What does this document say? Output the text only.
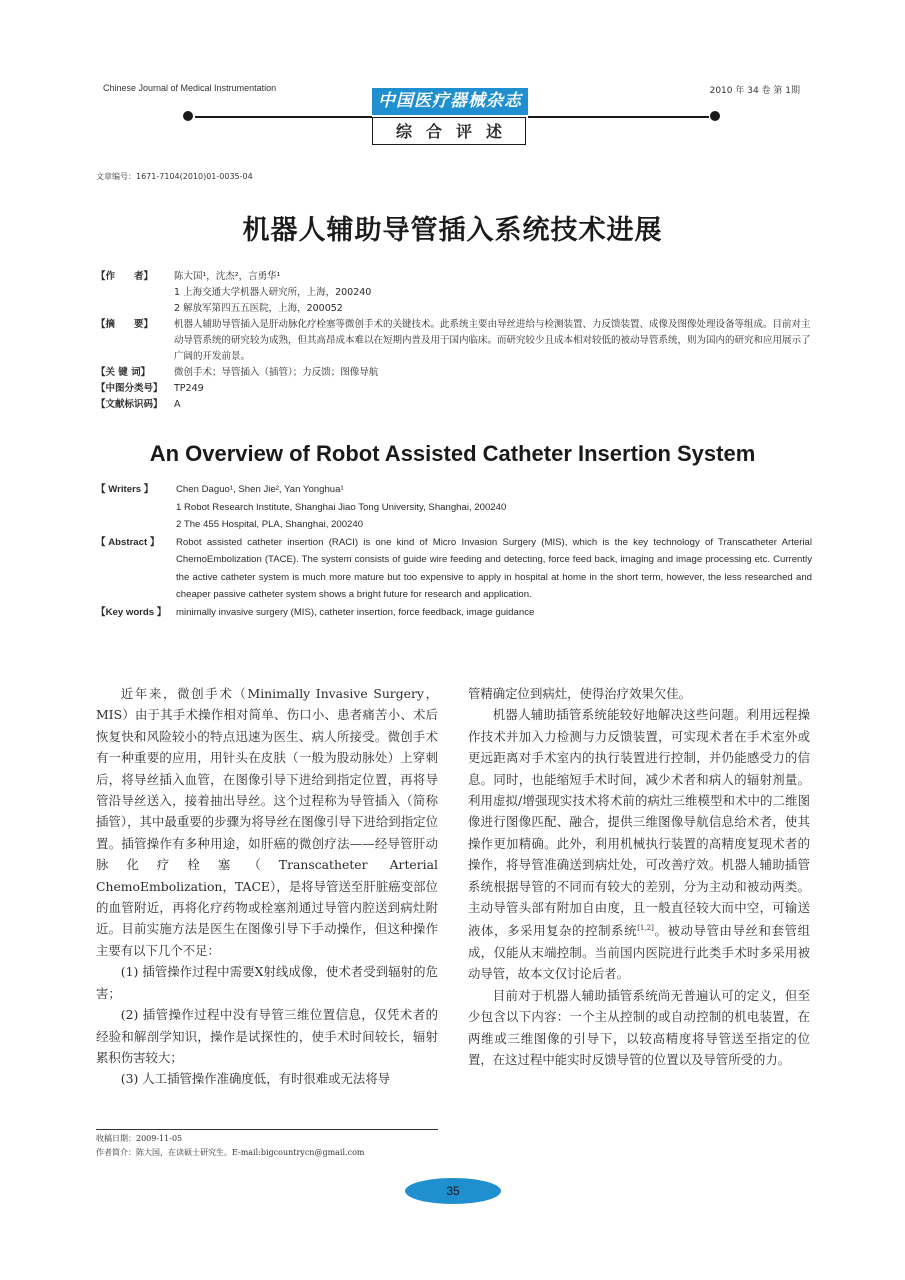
Chinese Journal of Medical Instrumentation	2010 年 34 卷 第 1期
中国医疗器械杂志
综合评述
文章编号：1671-7104(2010)01-0035-04
机器人辅助导管插入系统技术进展
【作　　者】	陈大国¹，沈杰²，言勇华¹
1 上海交通大学机器人研究所，上海，200240
2 解放军第四五五医院，上海，200052
【摘　　要】	机器人辅助导管插入是肝动脉化疗栓塞等微创手术的关键技术。此系统主要由导丝进给与检测装置、力反馈装置、成像及图像处理设备等组成。目前对主动导管系统的研究较为成熟，但其高昂成本难以在短期内普及用于国内临床。而研究较少且成本相对较低的被动导管系统，则为国内的研究和应用展示了广阔的开发前景。
【关 键 词】	微创手术；导管插入（插管）；力反馈；图像导航
【中图分类号】	TP249
【文献标识码】	A
An Overview of Robot Assisted Catheter Insertion System
【 Writers 】	Chen Daguo¹, Shen Jie², Yan Yonghua¹
1 Robot Research Institute, Shanghai Jiao Tong University, Shanghai, 200240
2 The 455 Hospital, PLA, Shanghai, 200240
【 Abstract 】	Robot assisted catheter insertion (RACI) is one kind of Micro Invasion Surgery (MIS), which is the key technology of Transcatheter Arterial ChemoEmbolization (TACE). The system consists of guide wire feeding and detecting, force feed back, imaging and image processing etc. Currently the active catheter system is much more mature but too expensive to apply in hospital at home in the short term, however, the less researched and cheaper passive catheter system shows a bright future for research and application.
【Key words 】	minimally invasive surgery (MIS), catheter insertion, force feedback, image guidance

近年来，微创手术（Minimally Invasive Surgery，MIS）由于其手术操作相对简单、伤口小、患者痛苦小、术后恢复快和风险较小的特点迅速为医生、病人所接受。微创手术有一种重要的应用，用针头在皮肤（一般为股动脉处）上穿刺后，将导丝插入血管，在图像引导下进给到指定位置，再将导管沿导丝送入，接着抽出导丝。这个过程称为导管插入（简称插管），其中最重要的步骤为将导丝在图像引导下进给到指定位置。插管操作有多种用途，如肝癌的微创疗法——经导管肝动脉化疗栓塞（Transcatheter Arterial ChemoEmbolization，TACE），是将导管送至肝脏癌变部位的血管附近，再将化疗药物或栓塞剂通过导管内腔送到病灶附近。目前实施方法是医生在图像引导下手动操作，但这种操作主要有以下几个不足：

(1) 插管操作过程中需要X射线成像，使术者受到辐射的危害；

(2) 插管操作过程中没有导管三维位置信息，仅凭术者的经验和解剖学知识，操作是试探性的，使手术时间较长，辐射累积伤害较大；

(3) 人工插管操作准确度低，有时很难或无法将导

管精确定位到病灶，使得治疗效果欠佳。

机器人辅助插管系统能较好地解决这些问题。利用远程操作技术并加入力检测与力反馈装置，可实现术者在手术室外或更远距离对手术室内的执行装置进行控制，并仍能感受力的信息。同时，也能缩短手术时间，减少术者和病人的辐射剂量。利用虚拟/增强现实技术将术前的病灶三维模型和术中的二维图像进行图像匹配、融合，提供三维图像导航信息给术者，使其操作更加精确。此外，利用机械执行装置的高精度复现术者的操作，将导管准确送到病灶处，可改善疗效。机器人辅助插管系统根据导管的不同而有较大的差别，分为主动和被动两类。主动导管头部有附加自由度，且一般直径较大而中空，可输送液体，多采用复杂的控制系统[1,2]。被动导管由导丝和套管组成，仅能从末端控制。当前国内医院进行此类手术时多采用被动导管，故本文仅讨论后者。

目前对于机器人辅助插管系统尚无普遍认可的定义，但至少包含以下内容：一个主从控制的或自动控制的机电装置，在两维或三维图像的引导下，以较高精度将导管送至指定的位置，在这过程中能实时反馈导管的位置以及导管所受的力。

收稿日期：2009-11-05
作者简介：陈大国，在读硕士研究生。E-mail:bigcountrycn@gmail.com
35
